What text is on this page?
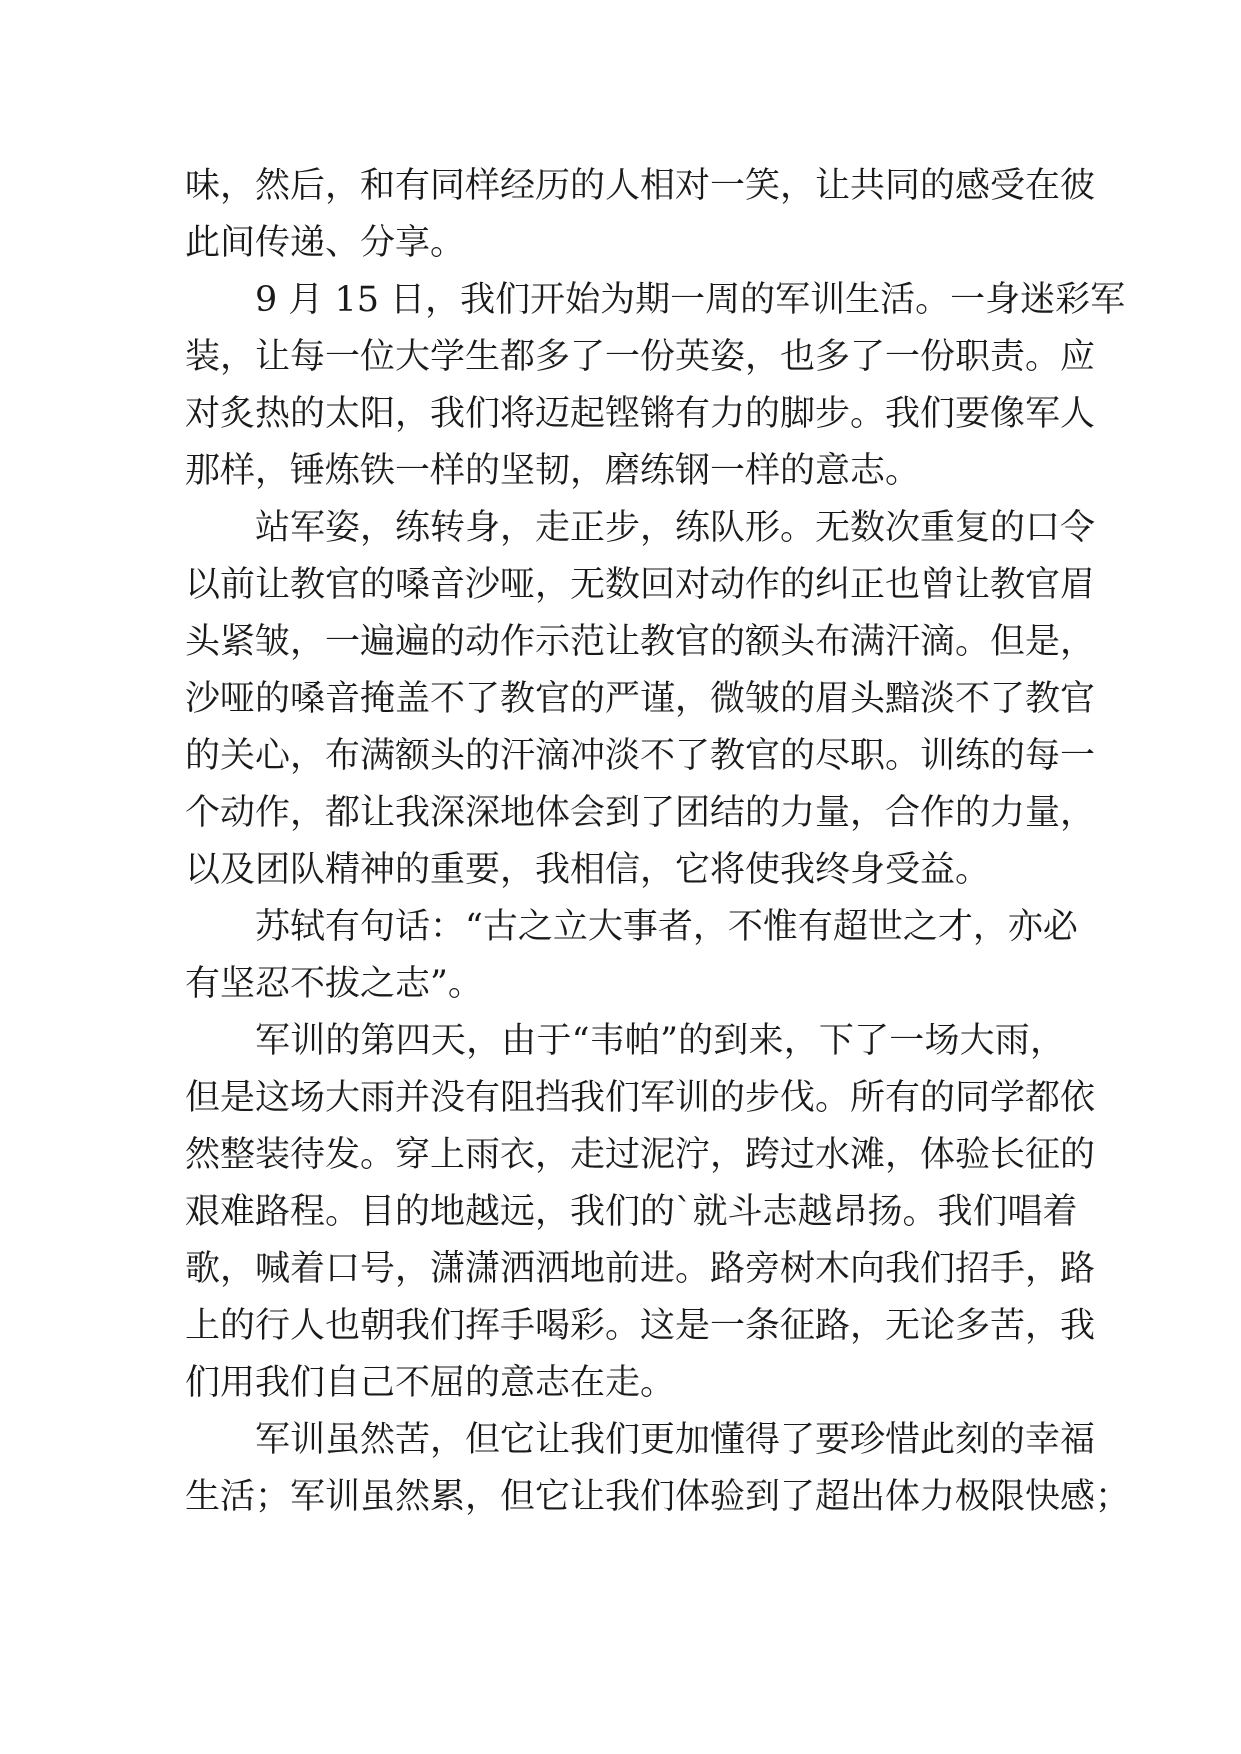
味，然后，和有同样经历的人相对一笑，让共同的感受在彼
此间传递、分享。
9 月 15 日，我们开始为期一周的军训生活。一身迷彩军
装，让每一位大学生都多了一份英姿，也多了一份职责。应
对炙热的太阳，我们将迈起铿锵有力的脚步。我们要像军人
那样，锤炼铁一样的坚韧，磨练钢一样的意志。
站军姿，练转身，走正步，练队形。无数次重复的口令
以前让教官的嗓音沙哑，无数回对动作的纠正也曾让教官眉
头紧皱，一遍遍的动作示范让教官的额头布满汗滴。但是，
沙哑的嗓音掩盖不了教官的严谨，微皱的眉头黯淡不了教官
的关心，布满额头的汗滴冲淡不了教官的尽职。训练的每一
个动作，都让我深深地体会到了团结的力量，合作的力量，
以及团队精神的重要，我相信，它将使我终身受益。
苏轼有句话：“古之立大事者，不惟有超世之才，亦必
有坚忍不拔之志”。
军训的第四天，由于“韦帕”的到来，下了一场大雨，
但是这场大雨并没有阻挡我们军训的步伐。所有的同学都依
然整装待发。穿上雨衣，走过泥泞，跨过水滩，体验长征的
艰难路程。目的地越远，我们的`就斗志越昂扬。我们唱着
歌，喊着口号，潇潇洒洒地前进。路旁树木向我们招手，路
上的行人也朝我们挥手喝彩。这是一条征路，无论多苦，我
们用我们自己不屈的意志在走。
军训虽然苦，但它让我们更加懂得了要珍惜此刻的幸福
生活；军训虽然累，但它让我们体验到了超出体力极限快感；
